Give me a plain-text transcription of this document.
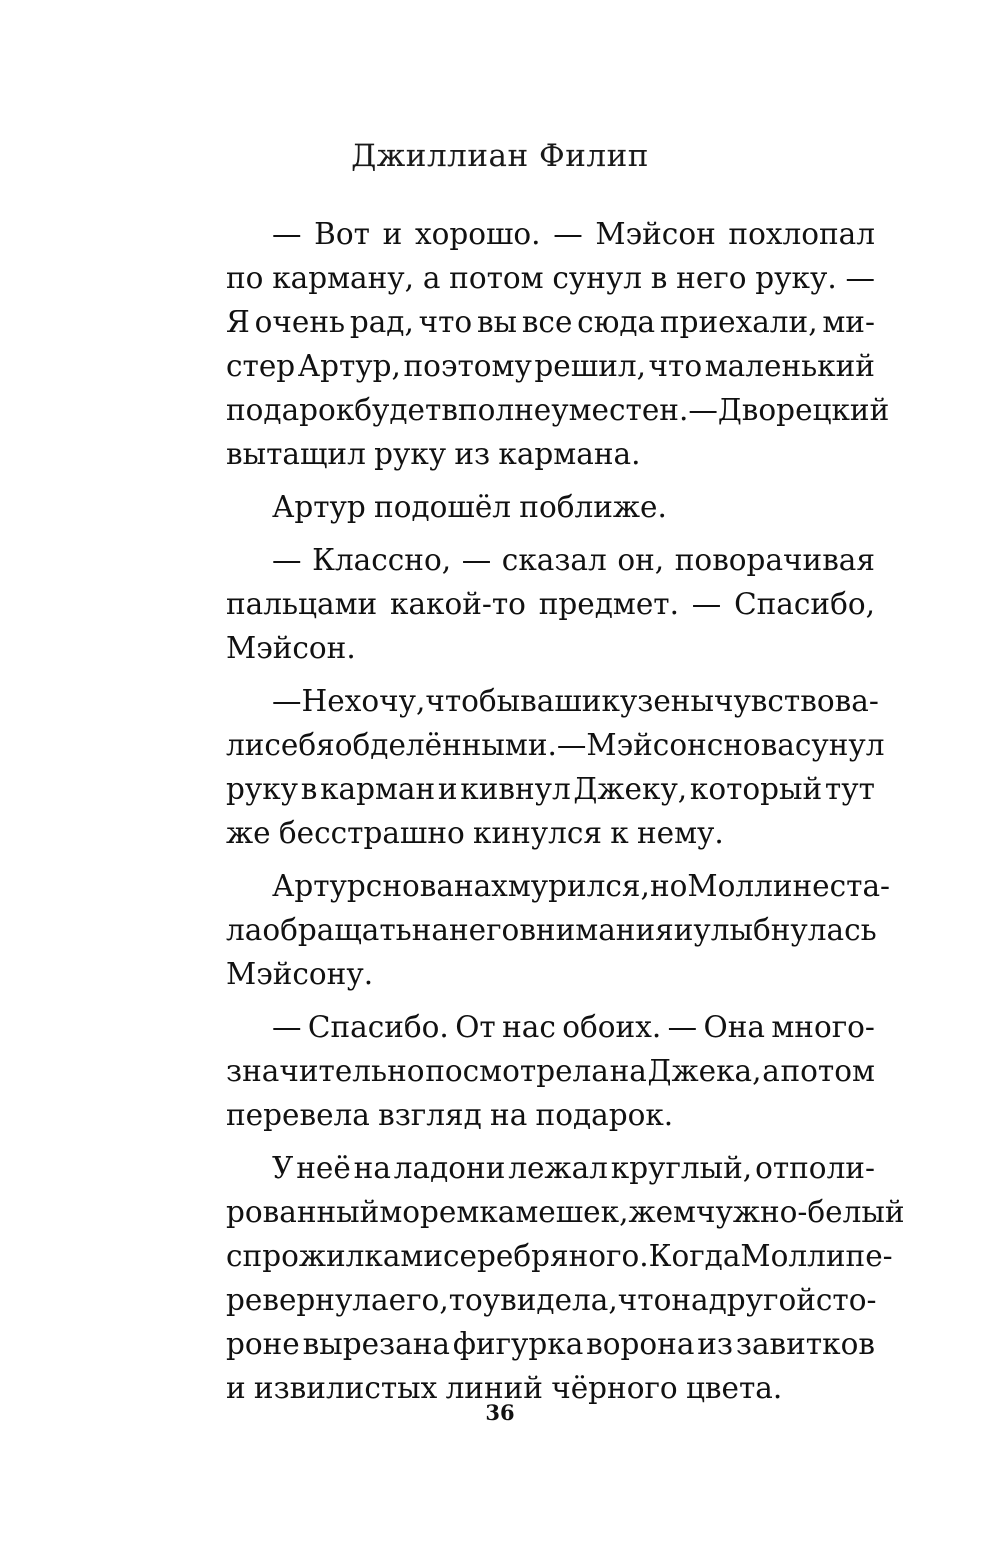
Джиллиан Филип

— Вот и хорошо. — Мэйсон похлопал
по карману, а потом сунул в него руку. —
Я очень рад, что вы все сюда приехали, ми-
стер Артур, поэтому решил, что маленький
подарок будет вполне уместен. — Дворецкий
вытащил руку из кармана.
Артур подошёл поближе.
— Классно, — сказал он, поворачивая
пальцами какой-то предмет. — Спасибо,
Мэйсон.
— Не хочу, чтобы ваши кузены чувствова-
ли себя обделёнными. — Мэйсон снова сунул
руку в карман и кивнул Джеку, который тут
же бесстрашно кинулся к нему.
Артур снова нахмурился, но Молли не ста-
ла обращать на него внимания и улыбнулась
Мэйсону.
— Спасибо. От нас обоих. — Она много-
значительно посмотрела на Джека, а потом
перевела взгляд на подарок.
У неё на ладони лежал круглый, отполи-
рованный морем камешек, жемчужно-белый
с прожилками серебряного. Когда Молли пе-
ревернула его, то увидела, что на другой сто-
роне вырезана фигурка ворона из завитков
и извилистых линий чёрного цвета.

36
